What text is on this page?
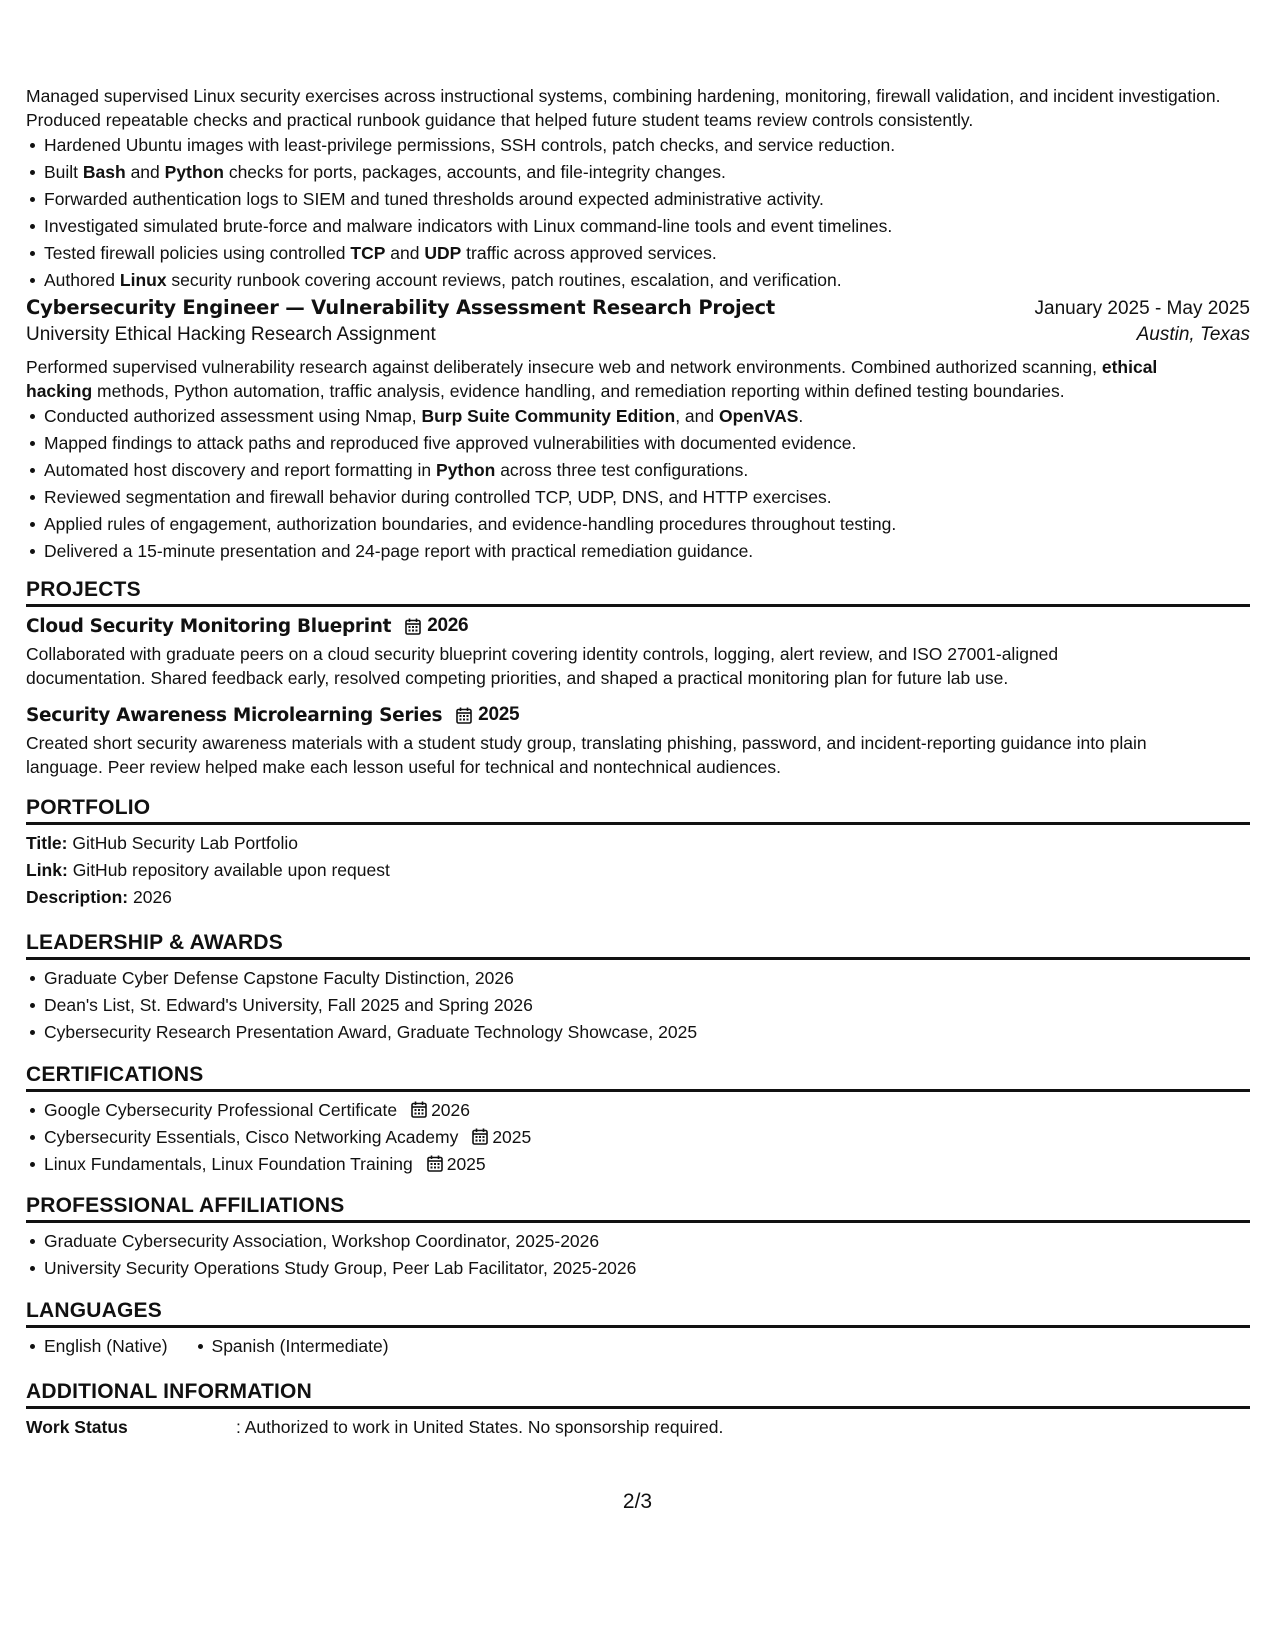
Managed supervised Linux security exercises across instructional systems, combining hardening, monitoring, firewall validation, and incident investigation. Produced repeatable checks and practical runbook guidance that helped future student teams review controls consistently.

Hardened Ubuntu images with least-privilege permissions, SSH controls, patch checks, and service reduction.
Built Bash and Python checks for ports, packages, accounts, and file-integrity changes.
Forwarded authentication logs to SIEM and tuned thresholds around expected administrative activity.
Investigated simulated brute-force and malware indicators with Linux command-line tools and event timelines.
Tested firewall policies using controlled TCP and UDP traffic across approved services.
Authored Linux security runbook covering account reviews, patch routines, escalation, and verification.
Cybersecurity Engineer — Vulnerability Assessment Research Project	January 2025 - May 2025
University Ethical Hacking Research Assignment	Austin, Texas

Performed supervised vulnerability research against deliberately insecure web and network environments. Combined authorized scanning, ethical
hacking methods, Python automation, traffic analysis, evidence handling, and remediation reporting within defined testing boundaries.

Conducted authorized assessment using Nmap, Burp Suite Community Edition, and OpenVAS.
Mapped findings to attack paths and reproduced five approved vulnerabilities with documented evidence.
Automated host discovery and report formatting in Python across three test configurations.
Reviewed segmentation and firewall behavior during controlled TCP, UDP, DNS, and HTTP exercises.
Applied rules of engagement, authorization boundaries, and evidence-handling procedures throughout testing.
Delivered a 15-minute presentation and 24-page report with practical remediation guidance.
PROJECTS
Cloud Security Monitoring Blueprint 2026

Collaborated with graduate peers on a cloud security blueprint covering identity controls, logging, alert review, and ISO 27001-aligned
documentation. Shared feedback early, resolved competing priorities, and shaped a practical monitoring plan for future lab use.

Security Awareness Microlearning Series 2025

Created short security awareness materials with a student study group, translating phishing, password, and incident-reporting guidance into plain
language. Peer review helped make each lesson useful for technical and nontechnical audiences.

PORTFOLIO
Title: GitHub Security Lab Portfolio
Link: GitHub repository available upon request
Description: 2026
LEADERSHIP & AWARDS
Graduate Cyber Defense Capstone Faculty Distinction, 2026
Dean's List, St. Edward's University, Fall 2025 and Spring 2026
Cybersecurity Research Presentation Award, Graduate Technology Showcase, 2025
CERTIFICATIONS
Google Cybersecurity Professional Certificate 2026
Cybersecurity Essentials, Cisco Networking Academy 2025
Linux Fundamentals, Linux Foundation Training 2025
PROFESSIONAL AFFILIATIONS
Graduate Cybersecurity Association, Workshop Coordinator, 2025-2026
University Security Operations Study Group, Peer Lab Facilitator, 2025-2026
LANGUAGES
English (Native)	Spanish (Intermediate)
ADDITIONAL INFORMATION
Work Status	: Authorized to work in United States. No sponsorship required.
2/3
